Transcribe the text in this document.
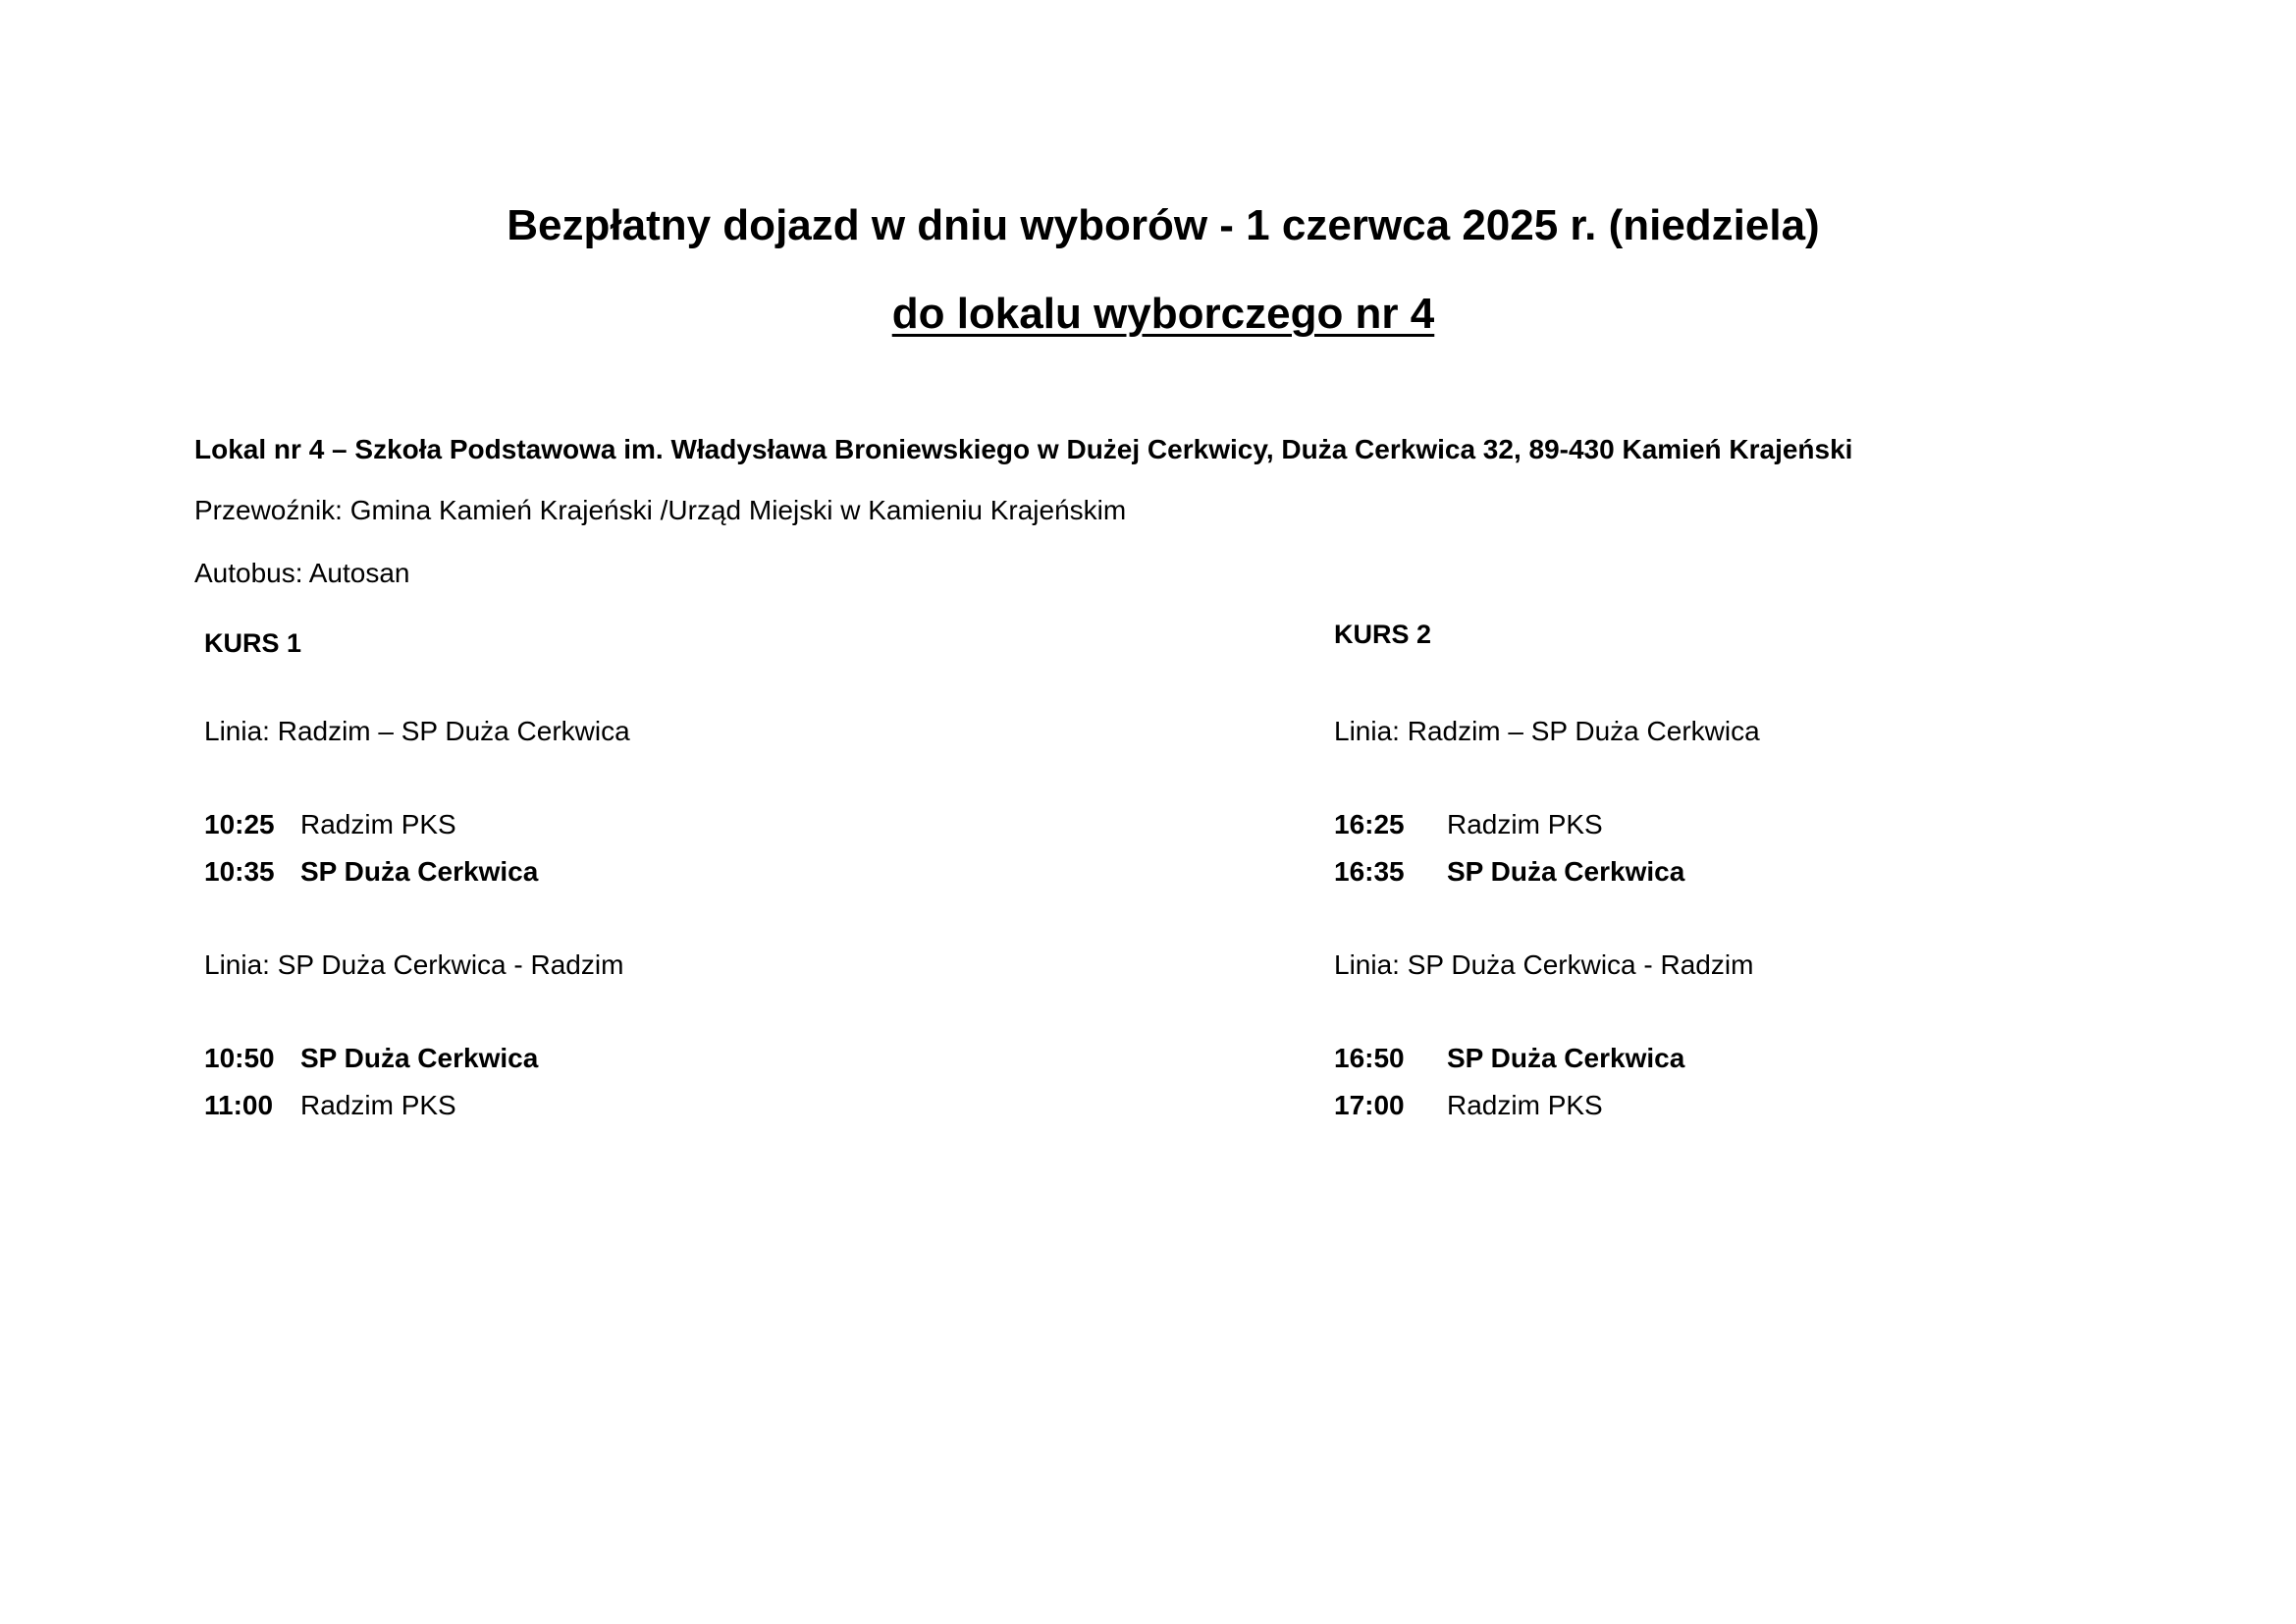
Bezpłatny dojazd w dniu wyborów - 1 czerwca 2025 r. (niedziela)
do lokalu wyborczego nr 4
Lokal nr 4 – Szkoła Podstawowa im. Władysława Broniewskiego w Dużej Cerkwicy, Duża Cerkwica 32, 89-430 Kamień Krajeński
Przewoźnik: Gmina Kamień Krajeński /Urząd Miejski w Kamieniu Krajeńskim
Autobus: Autosan
KURS 1
Linia: Radzim – SP Duża Cerkwica
10:25 Radzim PKS
10:35 SP Duża Cerkwica
Linia: SP Duża Cerkwica - Radzim
10:50 SP Duża Cerkwica
11:00 Radzim PKS
KURS 2
Linia: Radzim – SP Duża Cerkwica
16:25 Radzim PKS
16:35 SP Duża Cerkwica
Linia: SP Duża Cerkwica - Radzim
16:50 SP Duża Cerkwica
17:00 Radzim PKS
